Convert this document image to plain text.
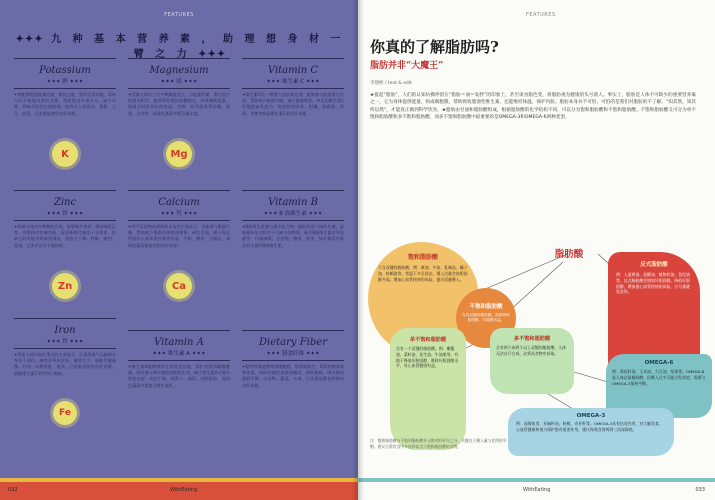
FEATURES
✦✦✦ 九 种 基 本 营 养 素 ， 助 理 想 身 材 一 臂 之 力 ✦✦✦
Potassium
✦✦✦ 钾 ✦✦✦
✦钾能够促进能量代谢，维持心脏、肌肉正常功能，同时可以平衡体内钠的含量，帮助排出多余水分，减少水肿。钾缺乏时会出现疲倦、肌肉无力等症状。香蕉、土豆、菠菜、豆类都是钾的良好来源。
K
Magnesium
✦✦✦ 镁 ✦✦✦
✦镁参与体内三百多种酶促反应，与能量代谢、蛋白质合成密切相关，能够帮助维持血糖稳定，改善睡眠质量。镁缺乏时容易出现焦虑、失眠、肌肉痉挛等问题。坚果、全谷物、深绿色蔬菜中镁含量丰富。
Mg
Vitamin C
✦✦✦ 维生素 C ✦✦✦
✦维生素C是一种强大的抗氧化剂，能够参与胶原蛋白合成，帮助体内脂肪代谢，减少脂肪堆积。充足的维生素C还能提高免疫力，促进铁的吸收。柑橘、猕猴桃、草莓、青椒等都是维生素C的良好来源。
Zinc
✦✦✦ 锌 ✦✦✦
✦锌参与体内多种酶的合成，能够调节食欲、维持味觉正常，对维持甲状腺功能、促进新陈代谢也十分重要。锌缺乏时可能导致味觉减退、免疫力下降。牡蛎、瘦肉、坚果、豆类中含有丰富的锌。
Zn
Calcium
✦✦✦ 钙 ✦✦✦
✦钙不仅是构成骨骼和牙齿的主要成分，还能参与脂肪代谢，帮助减少脂肪的吸收和堆积。研究发现，摄入充足钙质的人群体重控制更容易。牛奶、酸奶、豆制品、深绿色蔬菜都是钙的良好来源。
Ca
Vitamin B
✦✦✦ B 族维生素 ✦✦✦
✦B族维生素参与碳水化合物、脂肪和蛋白质的代谢，是能量转化过程中不可缺少的物质。缺乏B族维生素会导致疲劳、代谢减慢。全谷物、瘦肉、蛋类、绿叶蔬菜中都含有丰富的B族维生素。
Iron
✦✦✦ 铁 ✦✦✦
✦铁是人体内血红蛋白的主要成分，负责将氧气运输到全身各个部位。缺铁会导致贫血、疲劳乏力、新陈代谢减慢。红肉、动物肝脏、菠菜、豆类都是铁的良好来源，搭配维生素C更有利于吸收。
Fe
Vitamin A
✦✦✦ 维生素 A ✦✦✦
✦维生素A能够维持正常视觉功能，保护皮肤和黏膜健康，同时参与调节脂肪细胞的生成。缺乏维生素A可能导致夜盲症、皮肤干燥。胡萝卜、南瓜、动物肝脏、深绿色蔬菜中都富含维生素A。
Dietary Fiber
✦✦✦ 膳食纤维 ✦✦✦
✦膳食纤维能够增加饱腹感，延缓胃排空，帮助控制食欲和体重。同时还能促进肠道蠕动，预防便秘，调节肠道菌群平衡。全谷物、蔬菜、水果、豆类都是膳食纤维的良好来源。
032	WithEating
FEATURES
你真的了解脂肪吗?
脂肪并非“大魔王”
李德彬 / text & edit
★提起“脂肪”，人们的认知仿佛停留在“脂肪＝油＝发胖”的印象上，甚至谈食脂色变，将脂肪视为健康的头号敌人。事实上，脂肪是人体不可缺少的重要营养素之一，它为身体提供能量，构成细胞膜，帮助吸收脂溶性维生素，还能维持体温、保护内脏。脂肪本身并不可怕，可怕的是我们对脂肪的不了解。“知其然，知其所以然”，才能真正做到科学饮食。★脂肪由甘油和脂肪酸组成，根据脂肪酸的化学结构不同，可以分为饱和脂肪酸和不饱和脂肪酸。不饱和脂肪酸又可分为单不饱和脂肪酸和多不饱和脂肪酸，而多不饱和脂肪酸中最重要的是OMEGA-3和OMEGA-6两种类型。
脂肪酸
饱和脂肪酸
不含双键的脂肪酸，例：黄油、牛油、乳制品、椰子油、棕榈油等。常温下多呈固态，摄入过量会使胆固醇升高，增加心血管疾病的风险，建议适量摄入。
不饱和脂肪酸
含有双键的脂肪酸，能够降低胆固醇，对健康有益。
反式脂肪酸
例：人造黄油、起酥油、植物奶油、氢化油等。反式脂肪酸会增加坏胆固醇，降低好胆固醇，增加患心血管疾病的风险，应尽量避免食用。
单不饱和脂肪酸
含有一个双键的脂肪酸。例：橄榄油、菜籽油、花生油、牛油果等。有助于降低坏胆固醇，维持好胆固醇水平，对心血管健康有益。
多不饱和脂肪酸
含有两个或两个以上双键的脂肪酸，人体无法自行合成，必须从食物中获取。
OMEGA-6
例：葵花籽油、玉米油、大豆油、坚果等。OMEGA-6是人体必需脂肪酸，但摄入过多可能引发炎症，需要与OMEGA-3保持平衡。
OMEGA-3
例：深海鱼类、亚麻籽油、核桃、奇亚籽等。OMEGA-3具有抗炎作用，对大脑发育、心血管健康和视力保护都有重要作用，建议每周食用两到三次深海鱼。
注：饱和脂肪酸与不饱和脂肪酸并无绝对的好坏之分，关键在于摄入量与比例的平衡。建议日常饮食中多选择富含不饱和脂肪酸的食物。
WithEating	033
